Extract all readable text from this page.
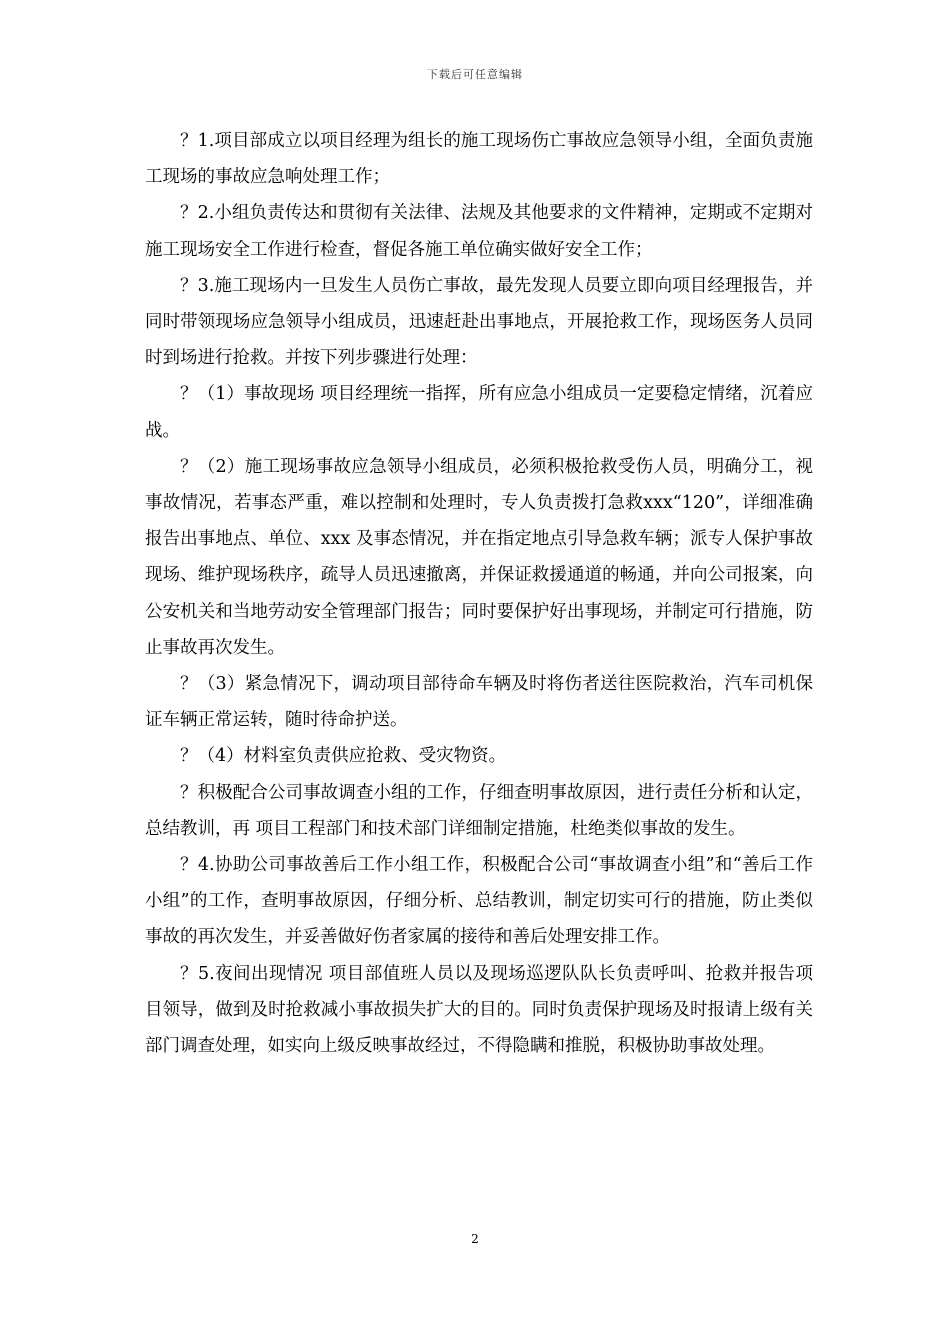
下载后可任意编辑

？1.项目部成立以项目经理为组长的施工现场伤亡事故应急领导小组，全面负责施工现场的事故应急响处理工作；

？2.小组负责传达和贯彻有关法律、法规及其他要求的文件精神，定期或不定期对施工现场安全工作进行检查，督促各施工单位确实做好安全工作；

？3.施工现场内一旦发生人员伤亡事故，最先发现人员要立即向项目经理报告，并同时带领现场应急领导小组成员，迅速赶赴出事地点，开展抢救工作，现场医务人员同时到场进行抢救。并按下列步骤进行处理：

？（1）事故现场 项目经理统一指挥，所有应急小组成员一定要稳定情绪，沉着应战。

？（2）施工现场事故应急领导小组成员，必须积极抢救受伤人员，明确分工，视事故情况，若事态严重，难以控制和处理时，专人负责拨打急救xxx“120”，详细准确报告出事地点、单位、xxx 及事态情况，并在指定地点引导急救车辆；派专人保护事故现场、维护现场秩序，疏导人员迅速撤离，并保证救援通道的畅通，并向公司报案，向公安机关和当地劳动安全管理部门报告；同时要保护好出事现场，并制定可行措施，防止事故再次发生。

？（3）紧急情况下，调动项目部待命车辆及时将伤者送往医院救治，汽车司机保证车辆正常运转，随时待命护送。

？（4）材料室负责供应抢救、受灾物资。

？积极配合公司事故调查小组的工作，仔细查明事故原因，进行责任分析和认定，总结教训，再 项目工程部门和技术部门详细制定措施，杜绝类似事故的发生。

？4.协助公司事故善后工作小组工作，积极配合公司“事故调查小组”和“善后工作小组”的工作，查明事故原因，仔细分析、总结教训，制定切实可行的措施，防止类似事故的再次发生，并妥善做好伤者家属的接待和善后处理安排工作。

？5.夜间出现情况 项目部值班人员以及现场巡逻队队长负责呼叫、抢救并报告项目领导，做到及时抢救减小事故损失扩大的目的。同时负责保护现场及时报请上级有关部门调查处理，如实向上级反映事故经过，不得隐瞒和推脱，积极协助事故处理。

2
